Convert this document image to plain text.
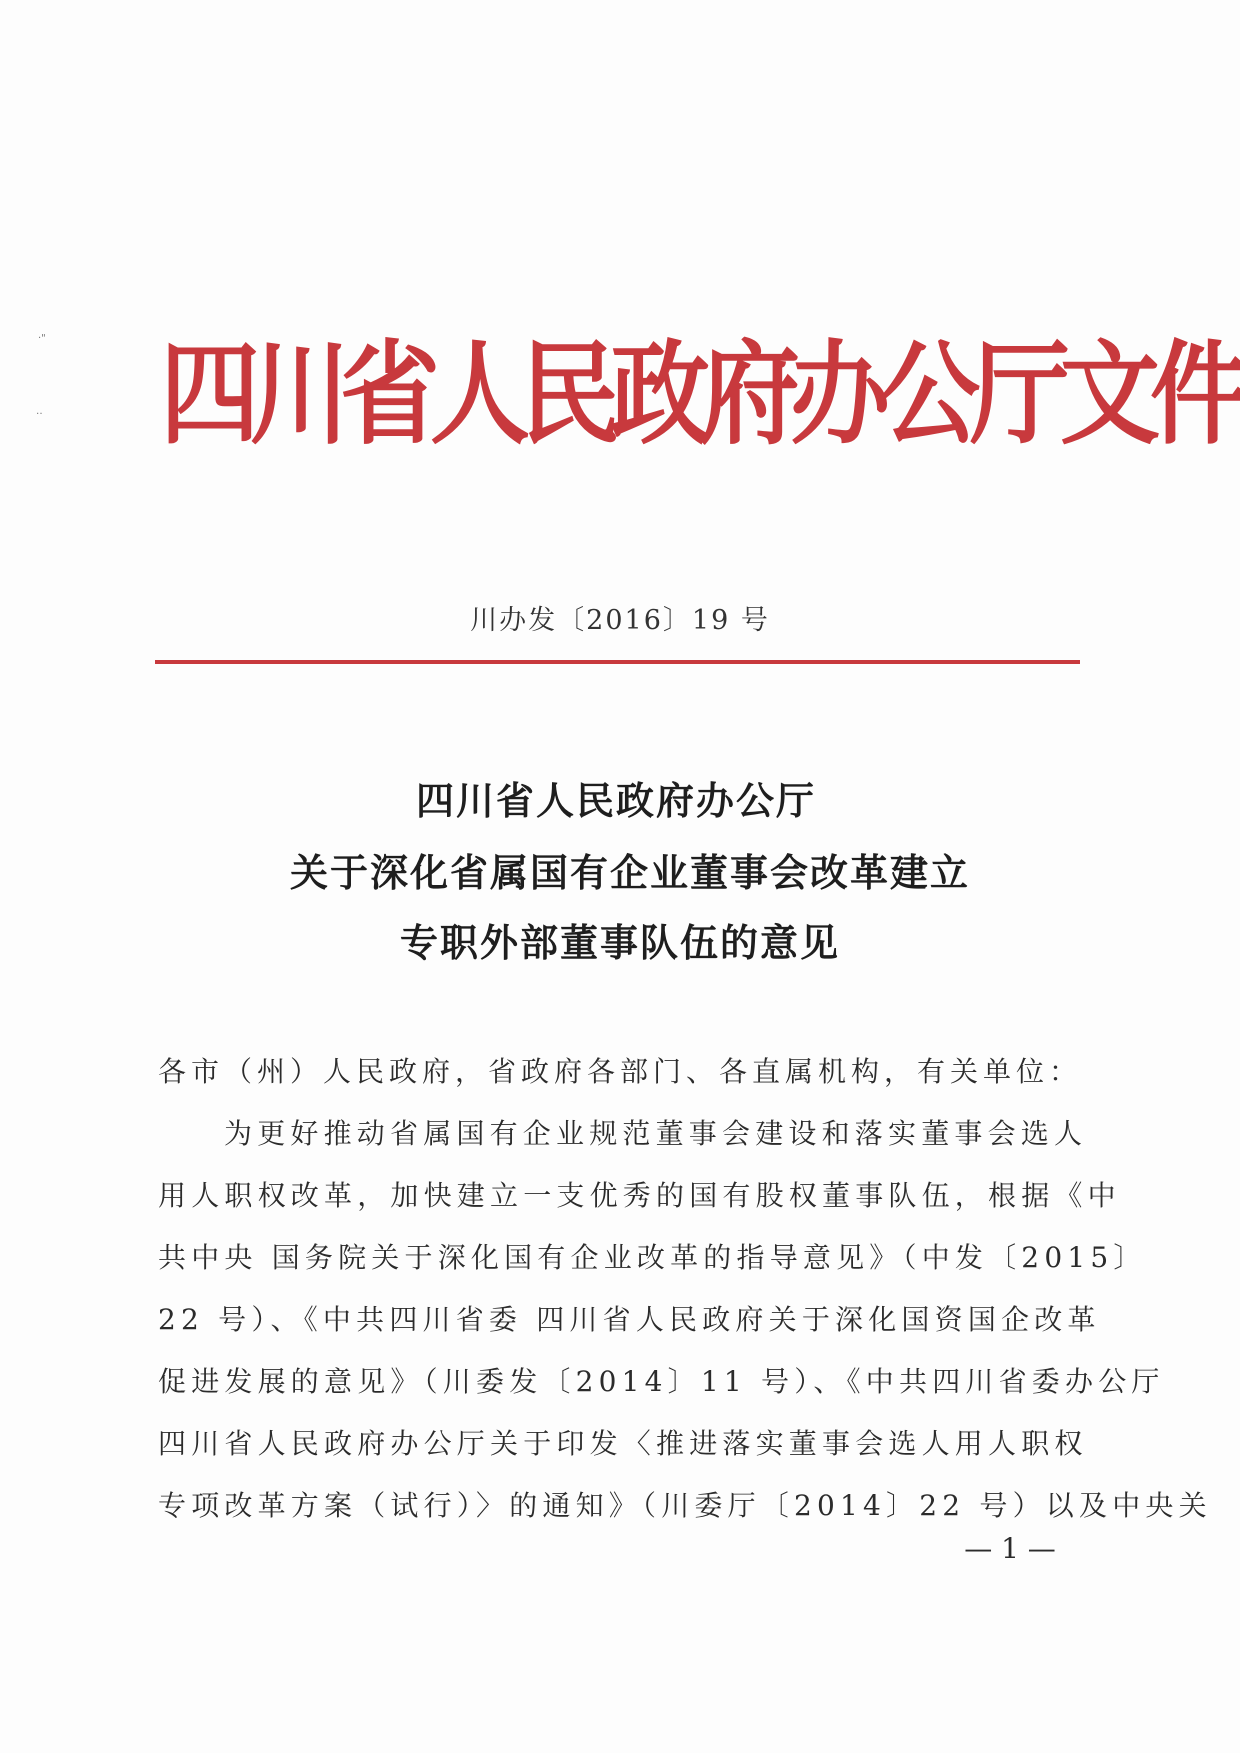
·"
‥ 四川省人民政府办公厅文件
川办发〔2016〕19 号
四川省人民政府办公厅
关于深化省属国有企业董事会改革建立
专职外部董事队伍的意见
各市（州）人民政府，省政府各部门、各直属机构，有关单位：
为更好推动省属国有企业规范董事会建设和落实董事会选人
用人职权改革，加快建立一支优秀的国有股权董事队伍，根据《中
共中央 国务院关于深化国有企业改革的指导意见》（中发〔2015〕
22 号）、《中共四川省委 四川省人民政府关于深化国资国企改革
促进发展的意见》（川委发〔2014〕11 号）、《中共四川省委办公厅
四川省人民政府办公厅关于印发〈推进落实董事会选人用人职权
专项改革方案（试行）〉的通知》（川委厅〔2014〕22 号）以及中央关
— 1 —
